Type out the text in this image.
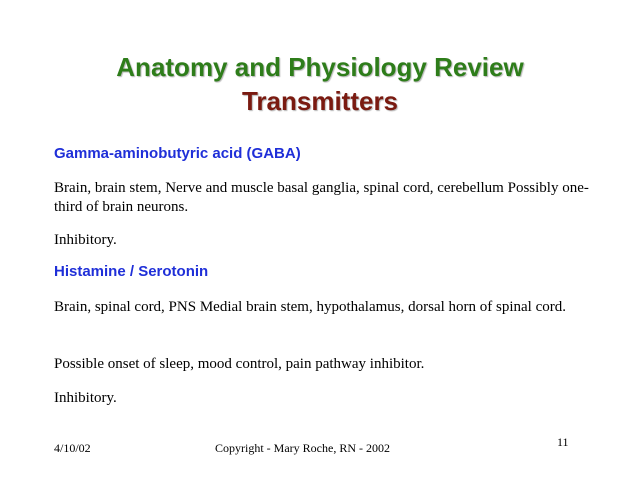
Anatomy and Physiology Review
Transmitters
Gamma-aminobutyric acid (GABA)
Brain, brain stem, Nerve and muscle basal ganglia, spinal cord, cerebellum Possibly one-third of brain neurons.
Inhibitory.
Histamine / Serotonin
Brain, spinal cord, PNS Medial brain stem, hypothalamus, dorsal horn of spinal cord.
Possible onset of sleep, mood control, pain pathway inhibitor.
Inhibitory.
4/10/02	Copyright - Mary Roche, RN - 2002	11
